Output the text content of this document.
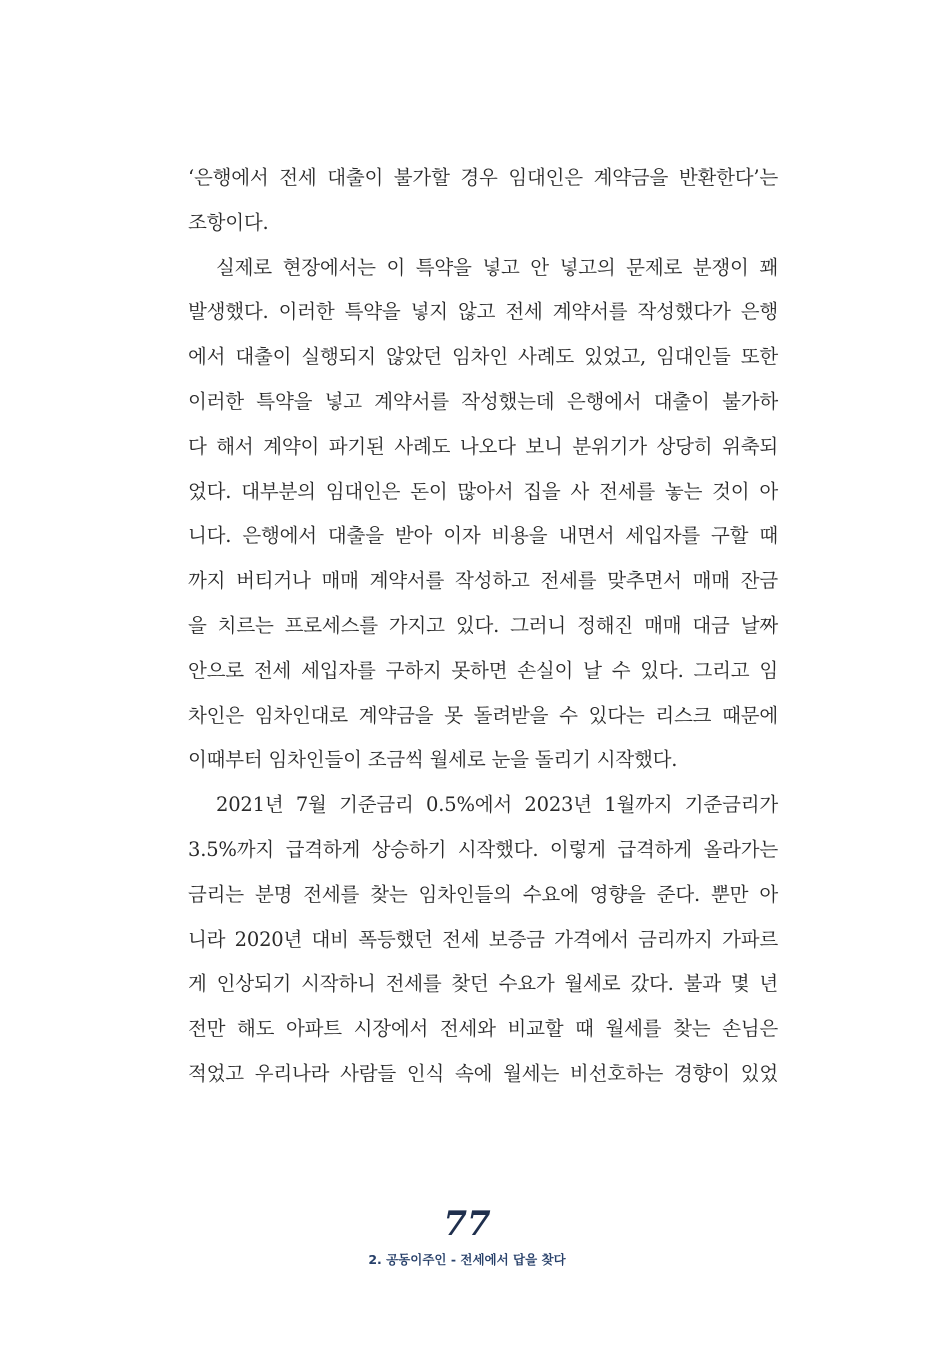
‘은행에서 전세 대출이 불가할 경우 임대인은 계약금을 반환한다’는
조항이다.
실제로 현장에서는 이 특약을 넣고 안 넣고의 문제로 분쟁이 꽤
발생했다. 이러한 특약을 넣지 않고 전세 계약서를 작성했다가 은행
에서 대출이 실행되지 않았던 임차인 사례도 있었고, 임대인들 또한
이러한 특약을 넣고 계약서를 작성했는데 은행에서 대출이 불가하
다 해서 계약이 파기된 사례도 나오다 보니 분위기가 상당히 위축되
었다. 대부분의 임대인은 돈이 많아서 집을 사 전세를 놓는 것이 아
니다. 은행에서 대출을 받아 이자 비용을 내면서 세입자를 구할 때
까지 버티거나 매매 계약서를 작성하고 전세를 맞추면서 매매 잔금
을 치르는 프로세스를 가지고 있다. 그러니 정해진 매매 대금 날짜
안으로 전세 세입자를 구하지 못하면 손실이 날 수 있다. 그리고 임
차인은 임차인대로 계약금을 못 돌려받을 수 있다는 리스크 때문에
이때부터 임차인들이 조금씩 월세로 눈을 돌리기 시작했다.
2021년 7월 기준금리 0.5%에서 2023년 1월까지 기준금리가
3.5%까지 급격하게 상승하기 시작했다. 이렇게 급격하게 올라가는
금리는 분명 전세를 찾는 임차인들의 수요에 영향을 준다. 뿐만 아
니라 2020년 대비 폭등했던 전세 보증금 가격에서 금리까지 가파르
게 인상되기 시작하니 전세를 찾던 수요가 월세로 갔다. 불과 몇 년
전만 해도 아파트 시장에서 전세와 비교할 때 월세를 찾는 손님은
적었고 우리나라 사람들 인식 속에 월세는 비선호하는 경향이 있었
77
2. 공동이주인 - 전세에서 답을 찾다
